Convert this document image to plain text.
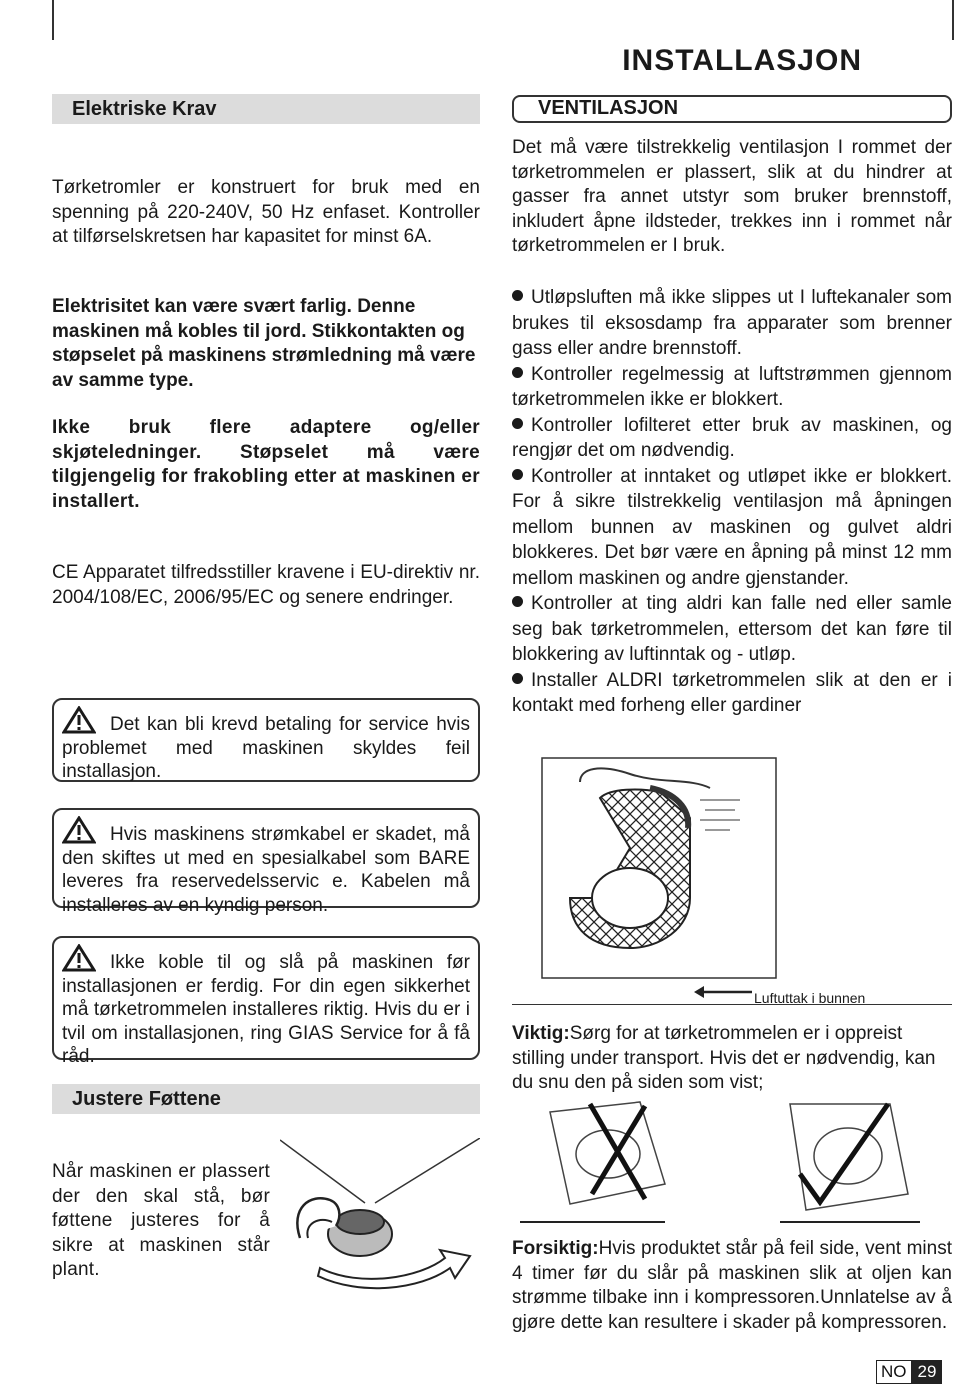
INSTALLASJON
Elektriske Krav
Tørketromler er konstruert for bruk med en spenning på 220-240V, 50 Hz enfaset. Kontroller at tilførselskretsen har kapasitet for minst 6A.
Elektrisitet kan være svært farlig. Denne maskinen må kobles til jord. Stikkontakten og støpselet på maskinens strømledning må være av samme type.
Ikke bruk flere adaptere og/eller skjøteledninger. Støpselet må være tilgjengelig for frakobling etter at maskinen er installert.
CE Apparatet tilfredsstiller kravene i EU-direktiv nr. 2004/108/EC, 2006/95/EC og senere endringer.
Det kan bli krevd betaling for service hvis problemet med maskinen skyldes feil installasjon.
Hvis maskinens strømkabel er skadet, må den skiftes ut med en spesialkabel som BARE leveres fra reservedelsservic e. Kabelen må installeres av en kyndig person.
Ikke koble til og slå på maskinen før installasjonen er ferdig. For din egen sikkerhet må tørketrommelen installeres riktig. Hvis du er i tvil om installasjonen, ring GIAS Service for å få råd.
Justere Føttene
Når maskinen er plassert der den skal stå, bør føttene justeres for å sikre at maskinen står plant.
VENTILASJON
Det må være tilstrekkelig ventilasjon I rommet der tørketrommelen er plassert, slik at du hindrer at gasser fra annet utstyr som bruker brennstoff, inkludert åpne ildsteder, trekkes inn i rommet når tørketrommelen er I bruk.
Utløpsluften må ikke slippes ut I luftekanaler som brukes til eksosdamp fra apparater som brenner gass eller andre brennstoff.
Kontroller regelmessig at luftstrømmen gjennom tørketrommelen ikke er blokkert.
Kontroller lofilteret etter bruk av maskinen, og rengjør det om nødvendig.
Kontroller at inntaket og utløpet ikke er blokkert. For å sikre tilstrekkelig ventilasjon må åpningen mellom bunnen av maskinen og gulvet aldri blokkeres. Det bør være en åpning på minst 12 mm mellom maskinen og andre gjenstander.
Kontroller at ting aldri kan falle ned eller samle seg bak tørketrommelen, ettersom det kan føre til blokkering av luftinntak og - utløp.
Installer ALDRI tørketrommelen slik at den er i kontakt med forheng eller gardiner
Luftuttak i bunnen
Viktig:Sørg for at tørketrommelen er i oppreist stilling under transport. Hvis det er nødvendig, kan du snu den på siden som vist;
Forsiktig:Hvis produktet står på feil side, vent minst 4 timer før du slår på maskinen slik at oljen kan strømme tilbake inn i kompressoren.Unnlatelse av å gjøre dette kan resultere i skader på kompressoren.
NO 29
